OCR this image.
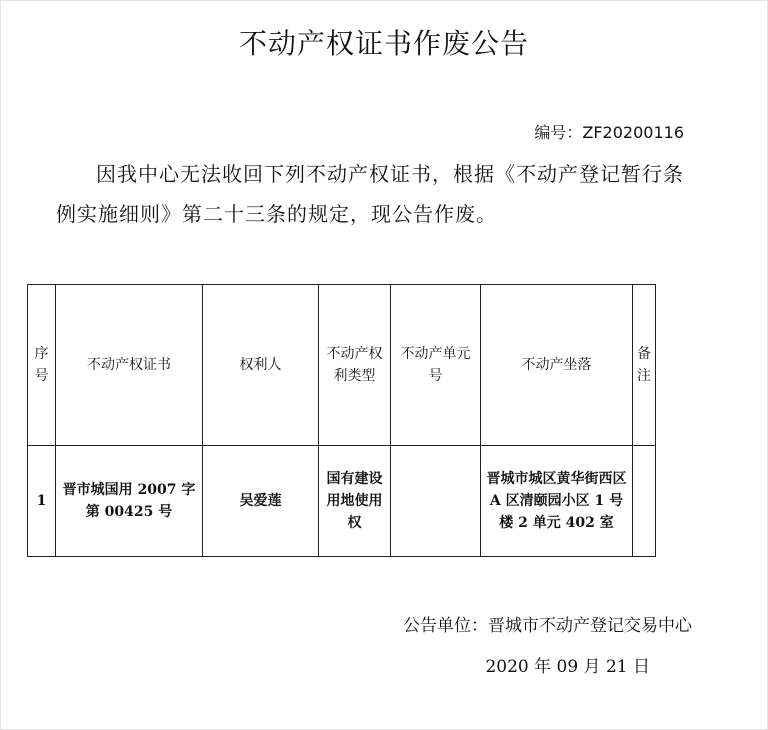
不动产权证书作废公告
编号：ZF20200116
因我中心无法收回下列不动产权证书，根据《不动产登记暂行条例实施细则》第二十三条的规定，现公告作废。
序号	不动产权证书	权利人	不动产权利类型	不动产单元号	不动产坐落	备注
1	晋市城国用 2007 字第 00425 号	吴爱莲	国有建设用地使用权		晋城市城区黄华街西区 A 区清颐园小区 1 号楼 2 单元 402 室	
公告单位：晋城市不动产登记交易中心
2020 年 09 月 21 日
